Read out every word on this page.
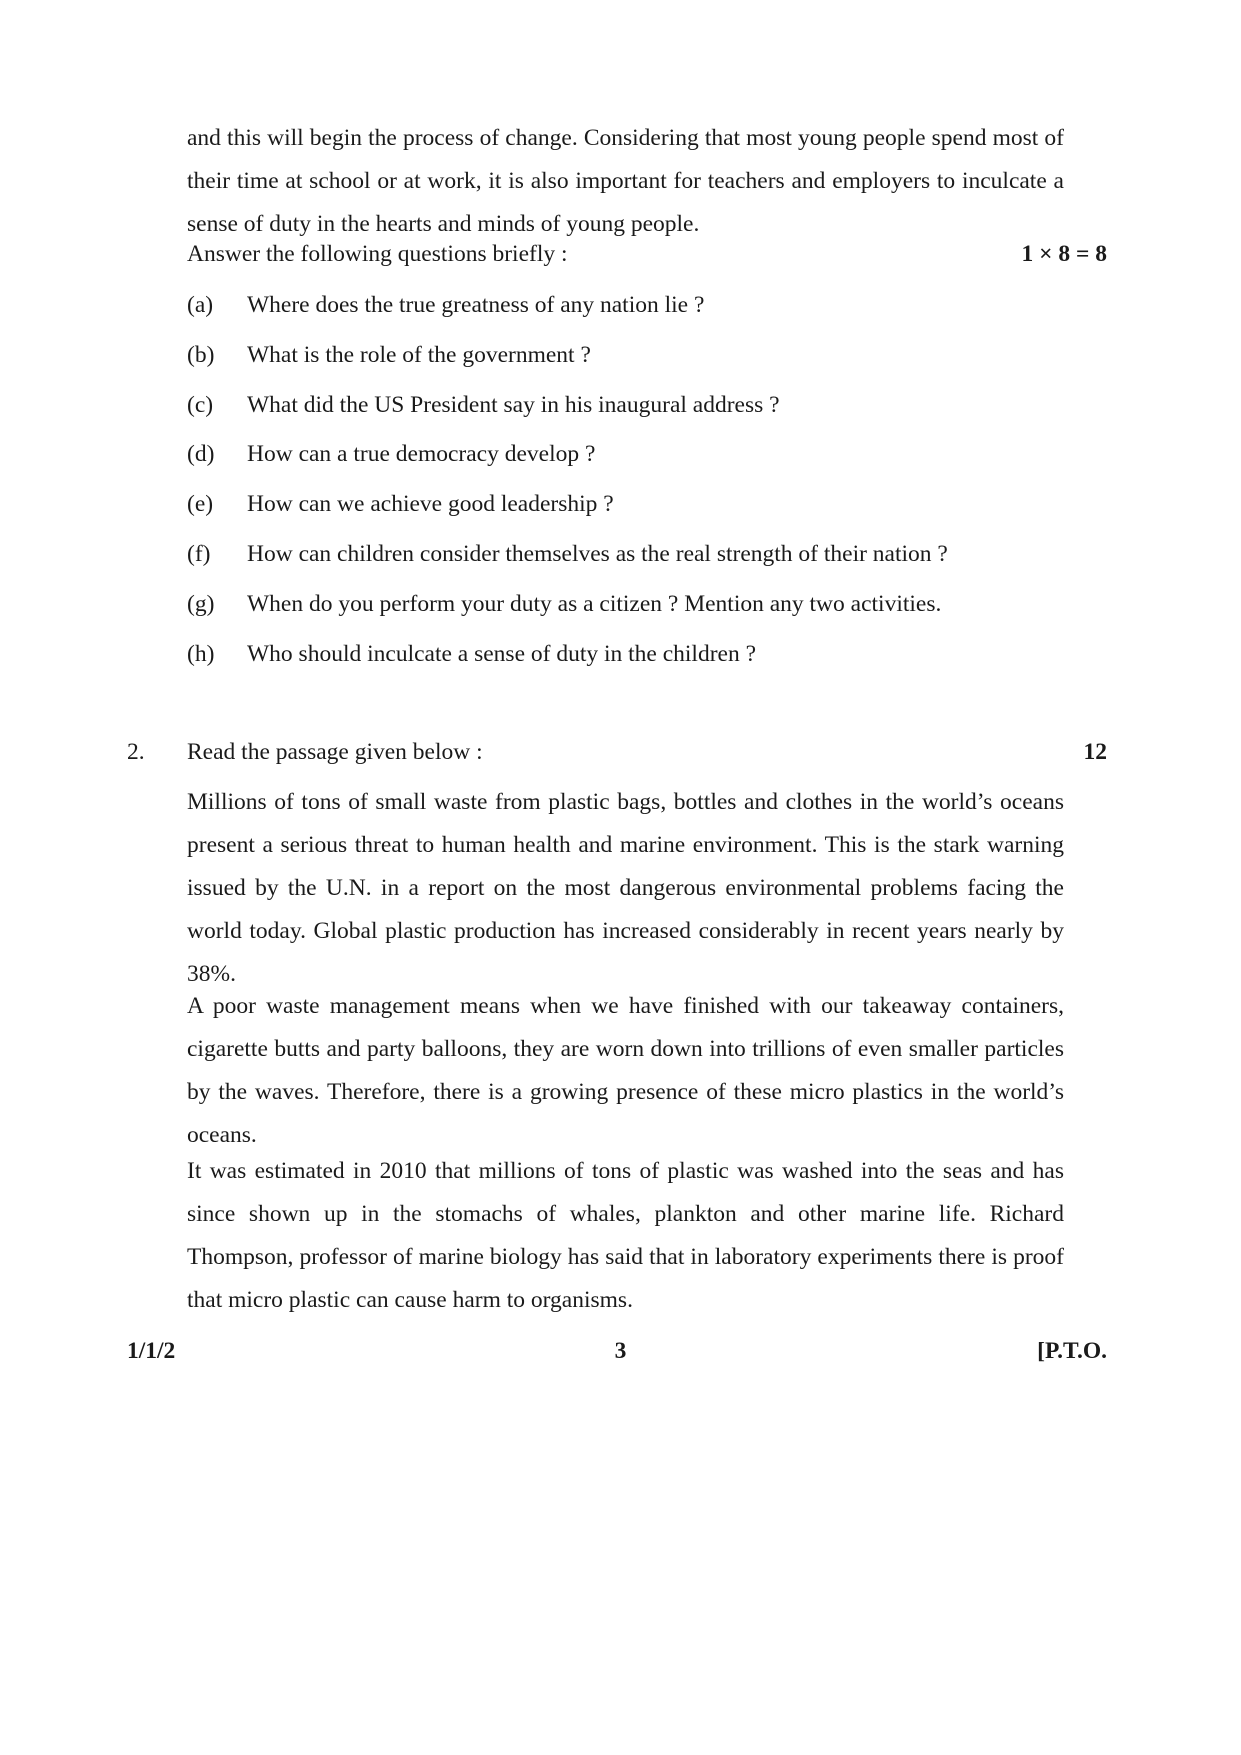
and this will begin the process of change. Considering that most young people spend most of their time at school or at work, it is also important for teachers and employers to inculcate a sense of duty in the hearts and minds of young people.

Answer the following questions briefly :	1 × 8 = 8
(a) Where does the true greatness of any nation lie ?
(b) What is the role of the government ?
(c) What did the US President say in his inaugural address ?
(d) How can a true democracy develop ?
(e) How can we achieve good leadership ?
(f) How can children consider themselves as the real strength of their nation ?
(g) When do you perform your duty as a citizen ? Mention any two activities.
(h) Who should inculcate a sense of duty in the children ?
2. Read the passage given below :	12

Millions of tons of small waste from plastic bags, bottles and clothes in the world’s oceans present a serious threat to human health and marine environment. This is the stark warning issued by the U.N. in a report on the most dangerous environmental problems facing the world today. Global plastic production has increased considerably in recent years nearly by 38%.

A poor waste management means when we have finished with our takeaway containers, cigarette butts and party balloons, they are worn down into trillions of even smaller particles by the waves. Therefore, there is a growing presence of these micro plastics in the world’s oceans.

It was estimated in 2010 that millions of tons of plastic was washed into the seas and has since shown up in the stomachs of whales, plankton and other marine life. Richard Thompson, professor of marine biology has said that in laboratory experiments there is proof that micro plastic can cause harm to organisms.

1/1/2	3	[P.T.O.
